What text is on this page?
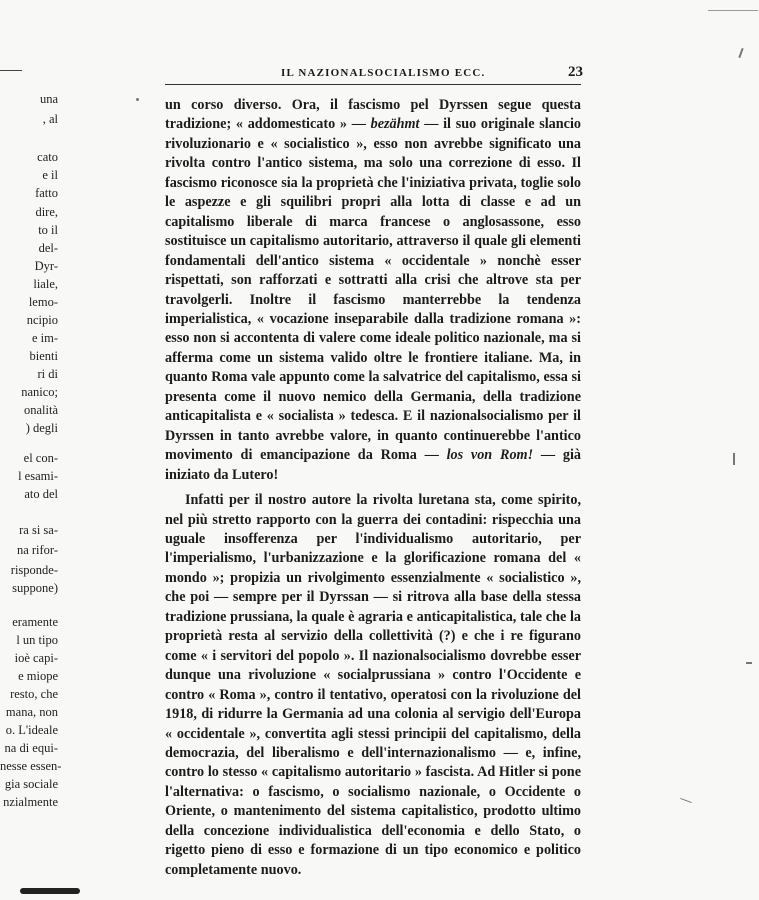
una
, al
cato
e il
fatto
dire,
to il
del-
Dyr-
liale,
lemo-
ncipio
e im-
bienti
ri di
nanico;
onalità
) degli
el con-
l esami-
ato del
ra si sa-
na rifor-
risponde-
suppone)
eramente
l un tipo
ioè capi-
e miope
resto, che
mana, non
o. L'ideale
na di equi-
nesse essen-
gia sociale
nzialmente
IL NAZIONALSOCIALISMO ECC.	23

un corso diverso. Ora, il fascismo pel Dyrssen segue questa tradizione; « addomesticato » — bezähmt — il suo originale slancio rivoluzionario e « socialistico », esso non avrebbe significato una rivolta contro l'antico sistema, ma solo una correzione di esso. Il fascismo riconosce sia la proprietà che l'iniziativa privata, toglie solo le aspezze e gli squilibri propri alla lotta di classe e ad un capitalismo liberale di marca francese o anglosassone, esso sostituisce un capitalismo autoritario, attraverso il quale gli elementi fondamentali dell'antico sistema « occidentale » nonchè esser rispettati, son rafforzati e sottratti alla crisi che altrove sta per travolgerli. Inoltre il fascismo manterrebbe la tendenza imperialistica, « vocazione inseparabile dalla tradizione romana »: esso non si accontenta di valere come ideale politico nazionale, ma si afferma come un sistema valido oltre le frontiere italiane. Ma, in quanto Roma vale appunto come la salvatrice del capitalismo, essa si presenta come il nuovo nemico della Germania, della tradizione anticapitalista e « socialista » tedesca. E il nazionalsocialismo per il Dyrssen in tanto avrebbe valore, in quanto continuerebbe l'antico movimento di emancipazione da Roma — los von Rom! — già iniziato da Lutero!

Infatti per il nostro autore la rivolta luretana sta, come spirito, nel più stretto rapporto con la guerra dei contadini: rispecchia una uguale insofferenza per l'individualismo autoritario, per l'imperialismo, l'urbanizzazione e la glorificazione romana del « mondo »; propizia un rivolgimento essenzialmente « socialistico », che poi — sempre per il Dyrssan — si ritrova alla base della stessa tradizione prussiana, la quale è agraria e anticapitalistica, tale che la proprietà resta al servizio della collettività (?) e che i re figurano come « i servitori del popolo ». Il nazionalsocialismo dovrebbe esser dunque una rivoluzione « socialprussiana » contro l'Occidente e contro « Roma », contro il tentativo, operatosi con la rivoluzione del 1918, di ridurre la Germania ad una colonia al servigio dell'Europa « occidentale », convertita agli stessi principii del capitalismo, della democrazia, del liberalismo e dell'internazionalismo — e, infine, contro lo stesso « capitalismo autoritario » fascista. Ad Hitler si pone l'alternativa: o fascismo, o socialismo nazionale, o Occidente o Oriente, o mantenimento del sistema capitalistico, prodotto ultimo della concezione individualistica dell'economia e dello Stato, o rigetto pieno di esso e formazione di un tipo economico e politico completamente nuovo.
